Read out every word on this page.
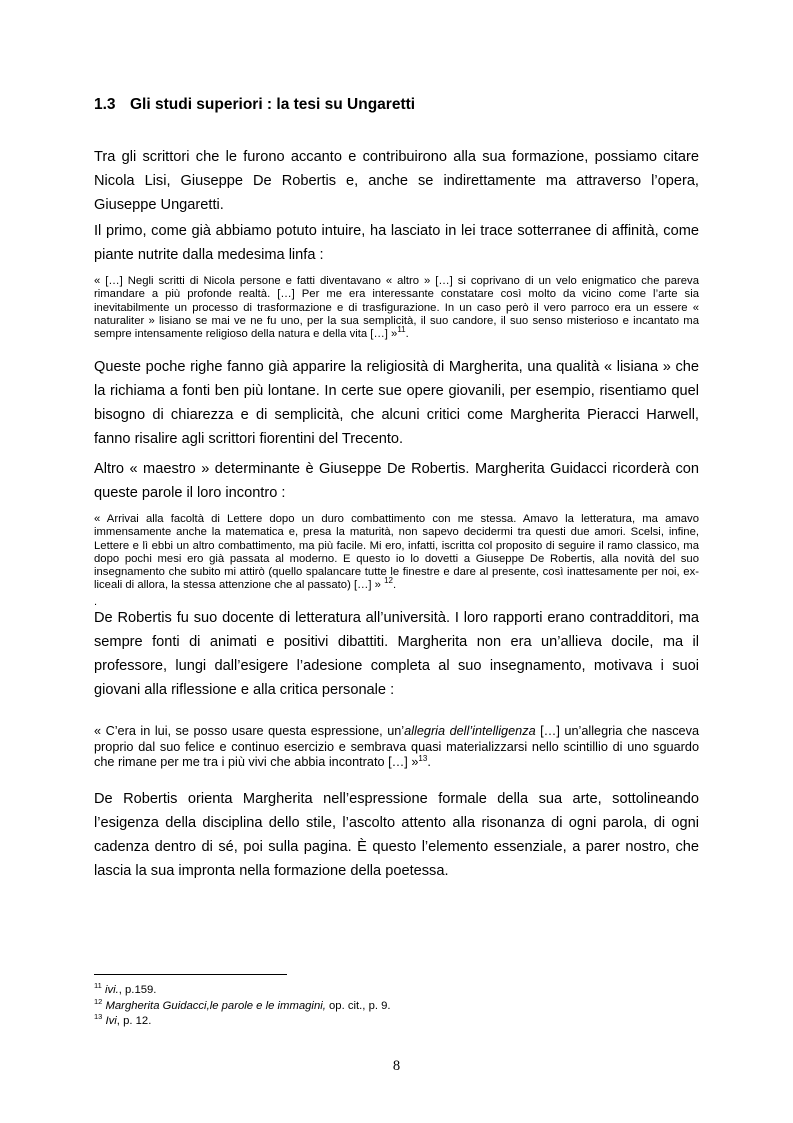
1.3 Gli studi superiori : la tesi su Ungaretti

Tra gli scrittori che le furono accanto e contribuirono alla sua formazione, possiamo citare Nicola Lisi, Giuseppe De Robertis e, anche se indirettamente ma attraverso l’opera, Giuseppe Ungaretti.

Il primo, come già abbiamo potuto intuire, ha lasciato in lei trace sotterranee di affinità, come piante nutrite dalla medesima linfa :

« […] Negli scritti di Nicola persone e fatti diventavano « altro » […] si coprivano di un velo enigmatico che pareva rimandare a più profonde realtà. […] Per me era interessante constatare così molto da vicino come l’arte sia inevitabilmente un processo di trasformazione e di trasfigurazione. In un caso però il vero parroco era un essere « naturaliter » lisiano se mai ve ne fu uno, per la sua semplicità, il suo candore, il suo senso misterioso e incantato ma sempre intensamente religioso della natura e della vita […] »$^{11}$.

Queste poche righe fanno già apparire la religiosità di Margherita, una qualità « lisiana » che la richiama a fonti ben più lontane. In certe sue opere giovanili, per esempio, risentiamo quel bisogno di chiarezza e di semplicità, che alcuni critici come Margherita Pieracci Harwell, fanno risalire agli scrittori fiorentini del Trecento.

Altro « maestro » determinante è Giuseppe De Robertis. Margherita Guidacci ricorderà con queste parole il loro incontro :

« Arrivai alla facoltà di Lettere dopo un duro combattimento con me stessa. Amavo la letteratura, ma amavo immensamente anche la matematica e, presa la maturità, non sapevo decidermi tra questi due amori. Scelsi, infine, Lettere e lì ebbi un altro combattimento, ma più facile. Mi ero, infatti, iscritta col proposito di seguire il ramo classico, ma dopo pochi mesi ero già passata al moderno. E questo io lo dovetti a Giuseppe De Robertis, alla novità del suo insegnamento che subito mi attirò (quello spalancare tutte le finestre e dare al presente, così inattesamente per noi, ex-liceali di allora, la stessa attenzione che al passato) […] » $^{12}$.

.

De Robertis fu suo docente di letteratura all’università. I loro rapporti erano contradditori, ma sempre fonti di animati e positivi dibattiti. Margherita non era un’allieva docile, ma il professore, lungi dall’esigere l’adesione completa al suo insegnamento, motivava i suoi giovani alla riflessione e alla critica personale :

« C’era in lui, se posso usare questa espressione, un’allegria dell’intelligenza […] un’allegria che nasceva proprio dal suo felice e continuo esercizio e sembrava quasi materializzarsi nello scintillio di uno sguardo che rimane per me tra i più vivi che abbia incontrato […] »$^{13}$.

De Robertis orienta Margherita nell’espressione formale della sua arte, sottolineando l’esigenza della disciplina dello stile, l’ascolto attento alla risonanza di ogni parola, di ogni cadenza dentro di sé, poi sulla pagina. È questo l’elemento essenziale, a parer nostro, che lascia la sua impronta nella formazione della poetessa.

$^{11}$ ivi., p.159.
$^{12}$ Margherita Guidacci,le parole e le immagini, op. cit., p. 9.
$^{13}$ Ivi, p. 12.
8
